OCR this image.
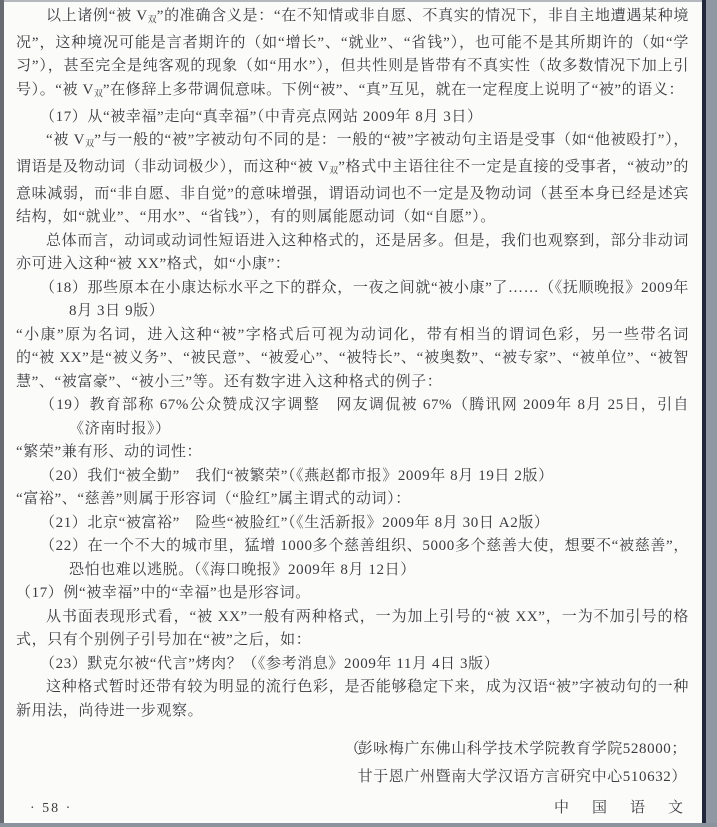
以上诸例“被 V双”的准确含义是：“在不知情或非自愿、不真实的情况下，非自主地遭遇某种境况”，这种境况可能是言者期许的（如“增长”、“就业”、“省钱”），也可能不是其所期许的（如“学习”），甚至完全是纯客观的现象（如“用水”），但共性则是皆带有不真实性（故多数情况下加上引号）。“被 V双”在修辞上多带调侃意味。下例“被”、“真”互见，就在一定程度上说明了“被”的语义：

（17）从“被幸福”走向“真幸福”（中青亮点网站 2009年 8月 3日）

“被 V双”与一般的“被”字被动句不同的是：一般的“被”字被动句主语是受事（如“他被殴打”），谓语是及物动词（非动词极少），而这种“被 V双”格式中主语往往不一定是直接的受事者，“被动”的意味减弱，而“非自愿、非自觉”的意味增强，谓语动词也不一定是及物动词（甚至本身已经是述宾结构，如“就业”、“用水”、“省钱”），有的则属能愿动词（如“自愿”）。

总体而言，动词或动词性短语进入这种格式的，还是居多。但是，我们也观察到，部分非动词亦可进入这种“被 XX”格式，如“小康”：

（18）那些原本在小康达标水平之下的群众，一夜之间就“被小康”了……（《抚顺晚报》2009年 8月 3日 9版）

“小康”原为名词，进入这种“被”字格式后可视为动词化，带有相当的谓词色彩，另一些带名词的“被 XX”是“被义务”、“被民意”、“被爱心”、“被特长”、“被奥数”、“被专家”、“被单位”、“被智慧”、“被富豪”、“被小三”等。还有数字进入这种格式的例子：

（19）教育部称 67%公众赞成汉字调整　网友调侃被 67%（腾讯网 2009年 8月 25日，引自《济南时报》）

“繁荣”兼有形、动的词性：

（20）我们“被全勤”　我们“被繁荣”（《燕赵都市报》2009年 8月 19日 2版）

“富裕”、“慈善”则属于形容词（“脸红”属主谓式的动词）：

（21）北京“被富裕”　险些“被脸红”（《生活新报》2009年 8月 30日 A2版）

（22）在一个不大的城市里，猛增 1000多个慈善组织、5000多个慈善大使，想要不“被慈善”，恐怕也难以逃脱。（《海口晚报》2009年 8月 12日）

（17）例“被幸福”中的“幸福”也是形容词。

从书面表现形式看，“被 XX”一般有两种格式，一为加上引号的“被 XX”，一为不加引号的格式，只有个别例子引号加在“被”之后，如：

（23）默克尔被“代言”烤肉？（《参考消息》2009年 11月 4日 3版）

这种格式暂时还带有较为明显的流行色彩，是否能够稳定下来，成为汉语“被”字被动句的一种新用法，尚待进一步观察。

（
彭咏梅	广东	佛山科学技术学院教育学院	528000；

甘于恩	广州	暨南大学汉语方言研究中心	510632）
· 58 ·	中　国　语　文
